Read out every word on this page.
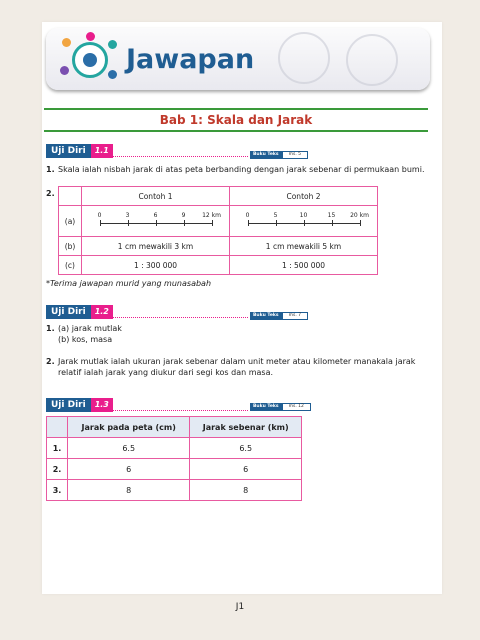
Jawapan
Bab 1: Skala dan Jarak
Uji Diri	1.1	Buku Teks	ms. 5
1. Skala ialah nisbah jarak di atas peta berbanding dengan jarak sebenar di permukaan bumi.
2.
		Contoh 1	Contoh 2
(a)	0 3 6 9 12 km	0 5 10 15 20 km

(b)	1 cm mewakili 3 km	1 cm mewakili 5 km
(c)	1 : 300 000	1 : 500 000
*Terima jawapan murid yang munasabah
Uji Diri	1.2	Buku Teks	ms. 7
1. (a) jarak mutlak
(b) kos, masa
2. Jarak mutlak ialah ukuran jarak sebenar dalam unit meter atau kilometer manakala jarak
relatif ialah jarak yang diukur dari segi kos dan masa.
Uji Diri	1.3	Buku Teks	ms. 12
	Jarak pada peta (cm)	Jarak sebenar (km)
1.	6.5	6.5
2.	6	6
3.	8	8
J1
